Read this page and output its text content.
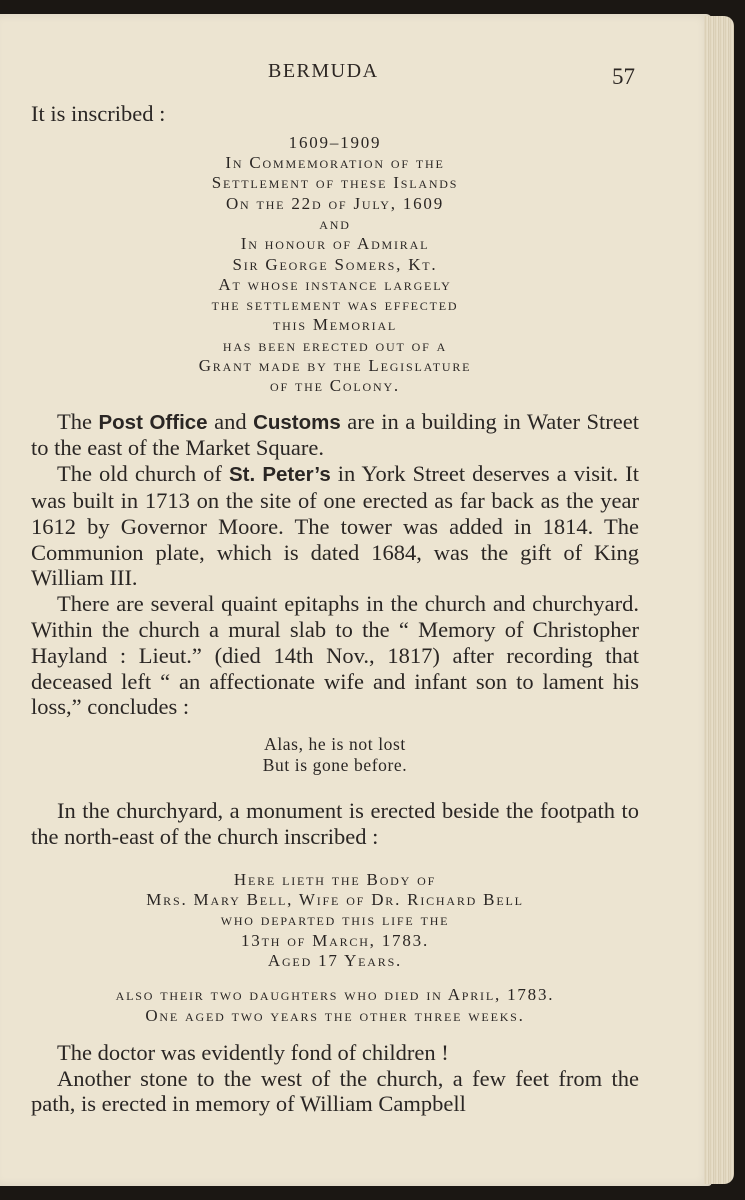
BERMUDA	57

It is inscribed :

1609–1909
In Commemoration of the
Settlement of these Islands
On the 22d of July, 1609
and
In honour of Admiral
Sir George Somers, Kt.
At whose instance largely
the settlement was effected
this Memorial
has been erected out of a
Grant made by the Legislature
of the Colony.

The Post Office and Customs are in a building in Water Street to the east of the Market Square.

The old church of St. Peter’s in York Street deserves a visit. It was built in 1713 on the site of one erected as far back as the year 1612 by Governor Moore. The tower was added in 1814. The Communion plate, which is dated 1684, was the gift of King William III.

There are several quaint epitaphs in the church and churchyard. Within the church a mural slab to the “ Memory of Christopher Hayland : Lieut.” (died 14th Nov., 1817) after recording that deceased left “ an affectionate wife and infant son to lament his loss,” concludes :

Alas, he is not lost
But is gone before.

In the churchyard, a monument is erected beside the footpath to the north-east of the church inscribed :

Here lieth the Body of
Mrs. Mary Bell, Wife of Dr. Richard Bell
who departed this life the
13th of March, 1783.
Aged 17 Years.
also their two daughters who died in April, 1783.
One aged two years the other three weeks.

The doctor was evidently fond of children !

Another stone to the west of the church, a few feet from the path, is erected in memory of William Campbell
